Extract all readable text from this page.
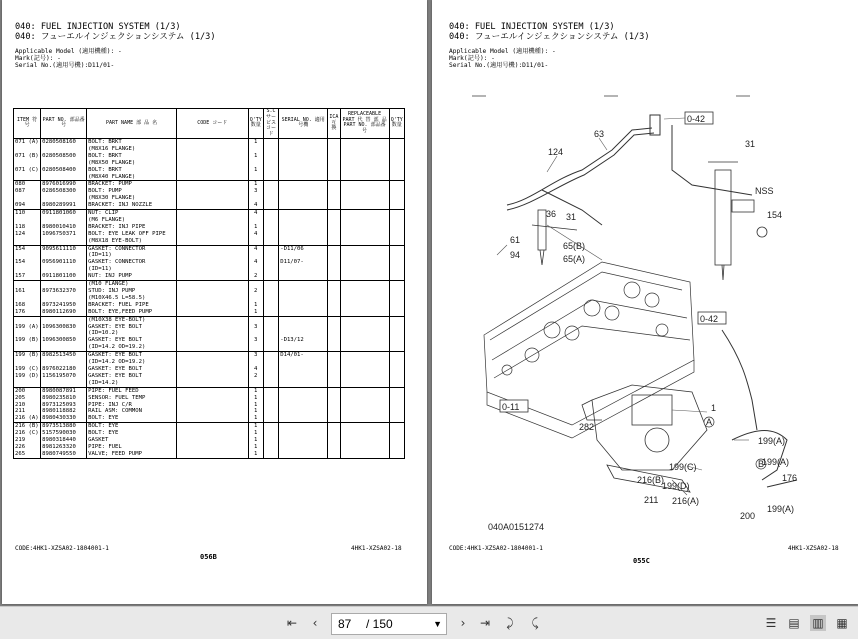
040: FUEL INJECTION SYSTEM (1/3)
040: フューエルインジェクションシステム (1/3)
Applicable Model (適用機種): -
Mark(記号): -
Serial No.(適用号機):D11/01-
ITEM 符号	PART NO. 部品番号	PART NAME 部 品 名	CODE コード	Q'TY 数量	S.C サービス コード	SERIAL NO. 適用号機	ICA 互換	REPLACEABLE PART 代 替 部 品
PART NO. 部品番号	Q'TY 数量
071 (A)	0280508160	BOLT: BRKT		1					
		(M8X16 FLANGE)							
071 (B)	0280508500	BOLT: BRKT		1					
		(M8X50 FLANGE)							
071 (C)	0280508400	BOLT: BRKT		1					
		(M8X40 FLANGE)							
080	8976016990	BRACKET: PUMP		1					
087	0286508300	BOLT: PUMP		3					
		(M8X30 FLANGE)							
094	8980289991	BRACKET: INJ NOZZLE		4					
110	0911801060	NUT: CLIP		4					
		(M6 FLANGE)							
118	8980010410	BRACKET: INJ PIPE		1					
124	1096750371	BOLT: EYE LEAK OFF PIPE		4					
		(M8X18 EYE-BOLT)							
154	9095611110	GASKET: CONNECTOR		4		-D11/06			
		(ID=11)							
154	0956901110	GASKET: CONNECTOR		4		D11/07-			
		(ID=11)							
157	0911801100	NUT: INJ PUMP		2					
		(M10 FLANGE)							
161	8973632370	STUD: INJ PUMP		2					
		(M10X46.5 L=58.5)							
168	8973241950	BRACKET: FUEL PIPE		1					
176	8980112690	BOLT: EYE,FEED PUMP		1					
		(M10X38 EYE-BOLT)							
199 (A)	1096300830	GASKET: EYE BOLT		3					
		(ID=10.2)							
199 (B)	1096300850	GASKET: EYE BOLT		3		-D13/12			
		(ID=14.2 OD=19.2)							
199 (B)	8982513450	GASKET: EYE BOLT		3		D14/01-			
		(ID=14.2 OD=19.2)							
199 (C)	8976022180	GASKET: EYE BOLT		4					
199 (D)	1156195070	GASKET: EYE BOLT		2					
		(ID=14.2)							
200	8980087891	PIPE: FUEL FEED		1					
205	8980235810	SENSOR: FUEL TEMP		1					
210	8973125093	PIPE: INJ C/R		1					
211	8980118882	RAIL ASM: COMMON		1					
216 (A)	8980430330	BOLT: EYE		1					
216 (B)	8973513880	BOLT: EYE		1					
216 (C)	5157590030	BOLT: EYE		1					
219	8980318440	GASKET		1					
226	8981263320	PIPE: FUEL		1					
265	8980749550	VALVE; FEED PUMP		1					
CODE:4HK1-XZSA02-1804001-1	4HK1-XZSA02-18
056B
040: FUEL INJECTION SYSTEM (1/3)
040: フューエルインジェクションシステム (1/3)
Applicable Model (適用機種): -
Mark(記号): -
Serial No.(適用号機):D11/01-
0-42
63
124
31
NSS
154
36 31
61
94
65(B)
65(A)
0-42
0-11	1
282
199(A)
A
B
199(C)
199(D)
176
199(A)
211 216(A)
200
199(A)
216(B)
040A0151274
CODE:4HK1-XZSA02-1804001-1	4HK1-XZSA02-18
055C
⇤	‹	87 / 150	▼	›	⇥	⤸	⤹	☰ ▤ ▥ ▦
